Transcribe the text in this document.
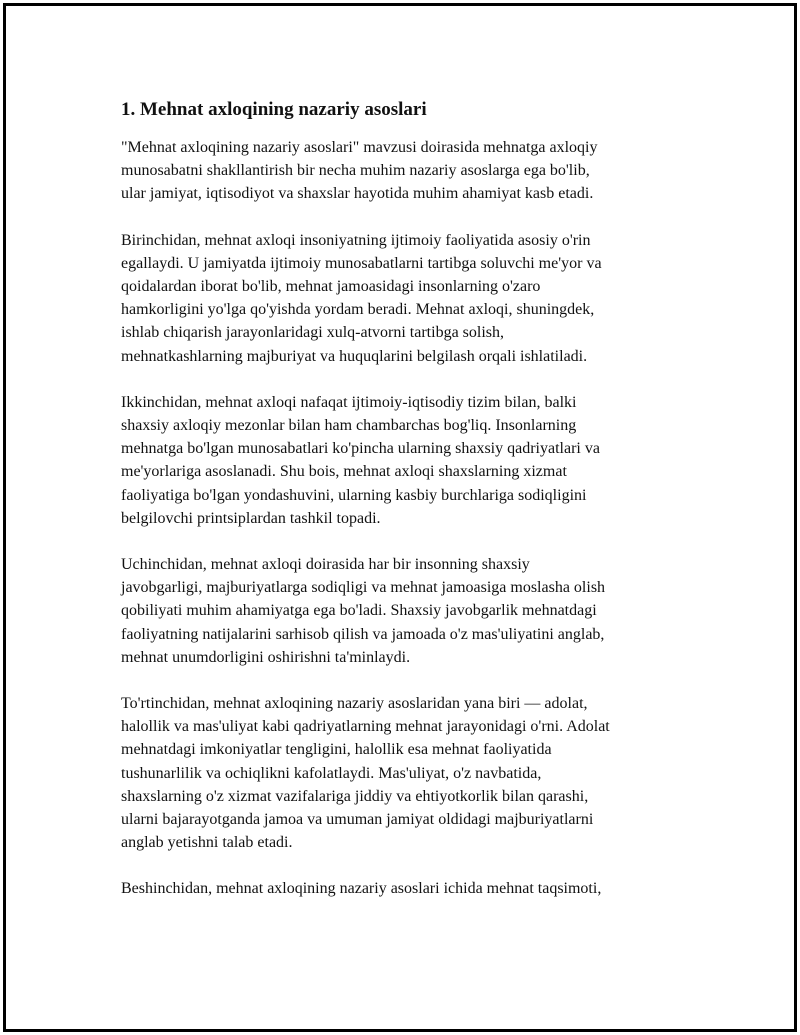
1. Mehnat axloqining nazariy asoslari
"Mehnat axloqining nazariy asoslari" mavzusi doirasida mehnatga axloqiy
munosabatni shakllantirish bir necha muhim nazariy asoslarga ega bo'lib,
ular jamiyat, iqtisodiyot va shaxslar hayotida muhim ahamiyat kasb etadi.
Birinchidan, mehnat axloqi insoniyatning ijtimoiy faoliyatida asosiy o'rin
egallaydi. U jamiyatda ijtimoiy munosabatlarni tartibga soluvchi me'yor va
qoidalardan iborat bo'lib, mehnat jamoasidagi insonlarning o'zaro
hamkorligini yo'lga qo'yishda yordam beradi. Mehnat axloqi, shuningdek,
ishlab chiqarish jarayonlaridagi xulq-atvorni tartibga solish,
mehnatkashlarning majburiyat va huquqlarini belgilash orqali ishlatiladi.
Ikkinchidan, mehnat axloqi nafaqat ijtimoiy-iqtisodiy tizim bilan, balki
shaxsiy axloqiy mezonlar bilan ham chambarchas bog'liq. Insonlarning
mehnatga bo'lgan munosabatlari ko'pincha ularning shaxsiy qadriyatlari va
me'yorlariga asoslanadi. Shu bois, mehnat axloqi shaxslarning xizmat
faoliyatiga bo'lgan yondashuvini, ularning kasbiy burchlariga sodiqligini
belgilovchi printsiplardan tashkil topadi.
Uchinchidan, mehnat axloqi doirasida har bir insonning shaxsiy
javobgarligi, majburiyatlarga sodiqligi va mehnat jamoasiga moslasha olish
qobiliyati muhim ahamiyatga ega bo'ladi. Shaxsiy javobgarlik mehnatdagi
faoliyatning natijalarini sarhisob qilish va jamoada o'z mas'uliyatini anglab,
mehnat unumdorligini oshirishni ta'minlaydi.
To'rtinchidan, mehnat axloqining nazariy asoslaridan yana biri — adolat,
halollik va mas'uliyat kabi qadriyatlarning mehnat jarayonidagi o'rni. Adolat
mehnatdagi imkoniyatlar tengligini, halollik esa mehnat faoliyatida
tushunarlilik va ochiqlikni kafolatlaydi. Mas'uliyat, o'z navbatida,
shaxslarning o'z xizmat vazifalariga jiddiy va ehtiyotkorlik bilan qarashi,
ularni bajarayotganda jamoa va umuman jamiyat oldidagi majburiyatlarni
anglab yetishni talab etadi.
Beshinchidan, mehnat axloqining nazariy asoslari ichida mehnat taqsimoti,
